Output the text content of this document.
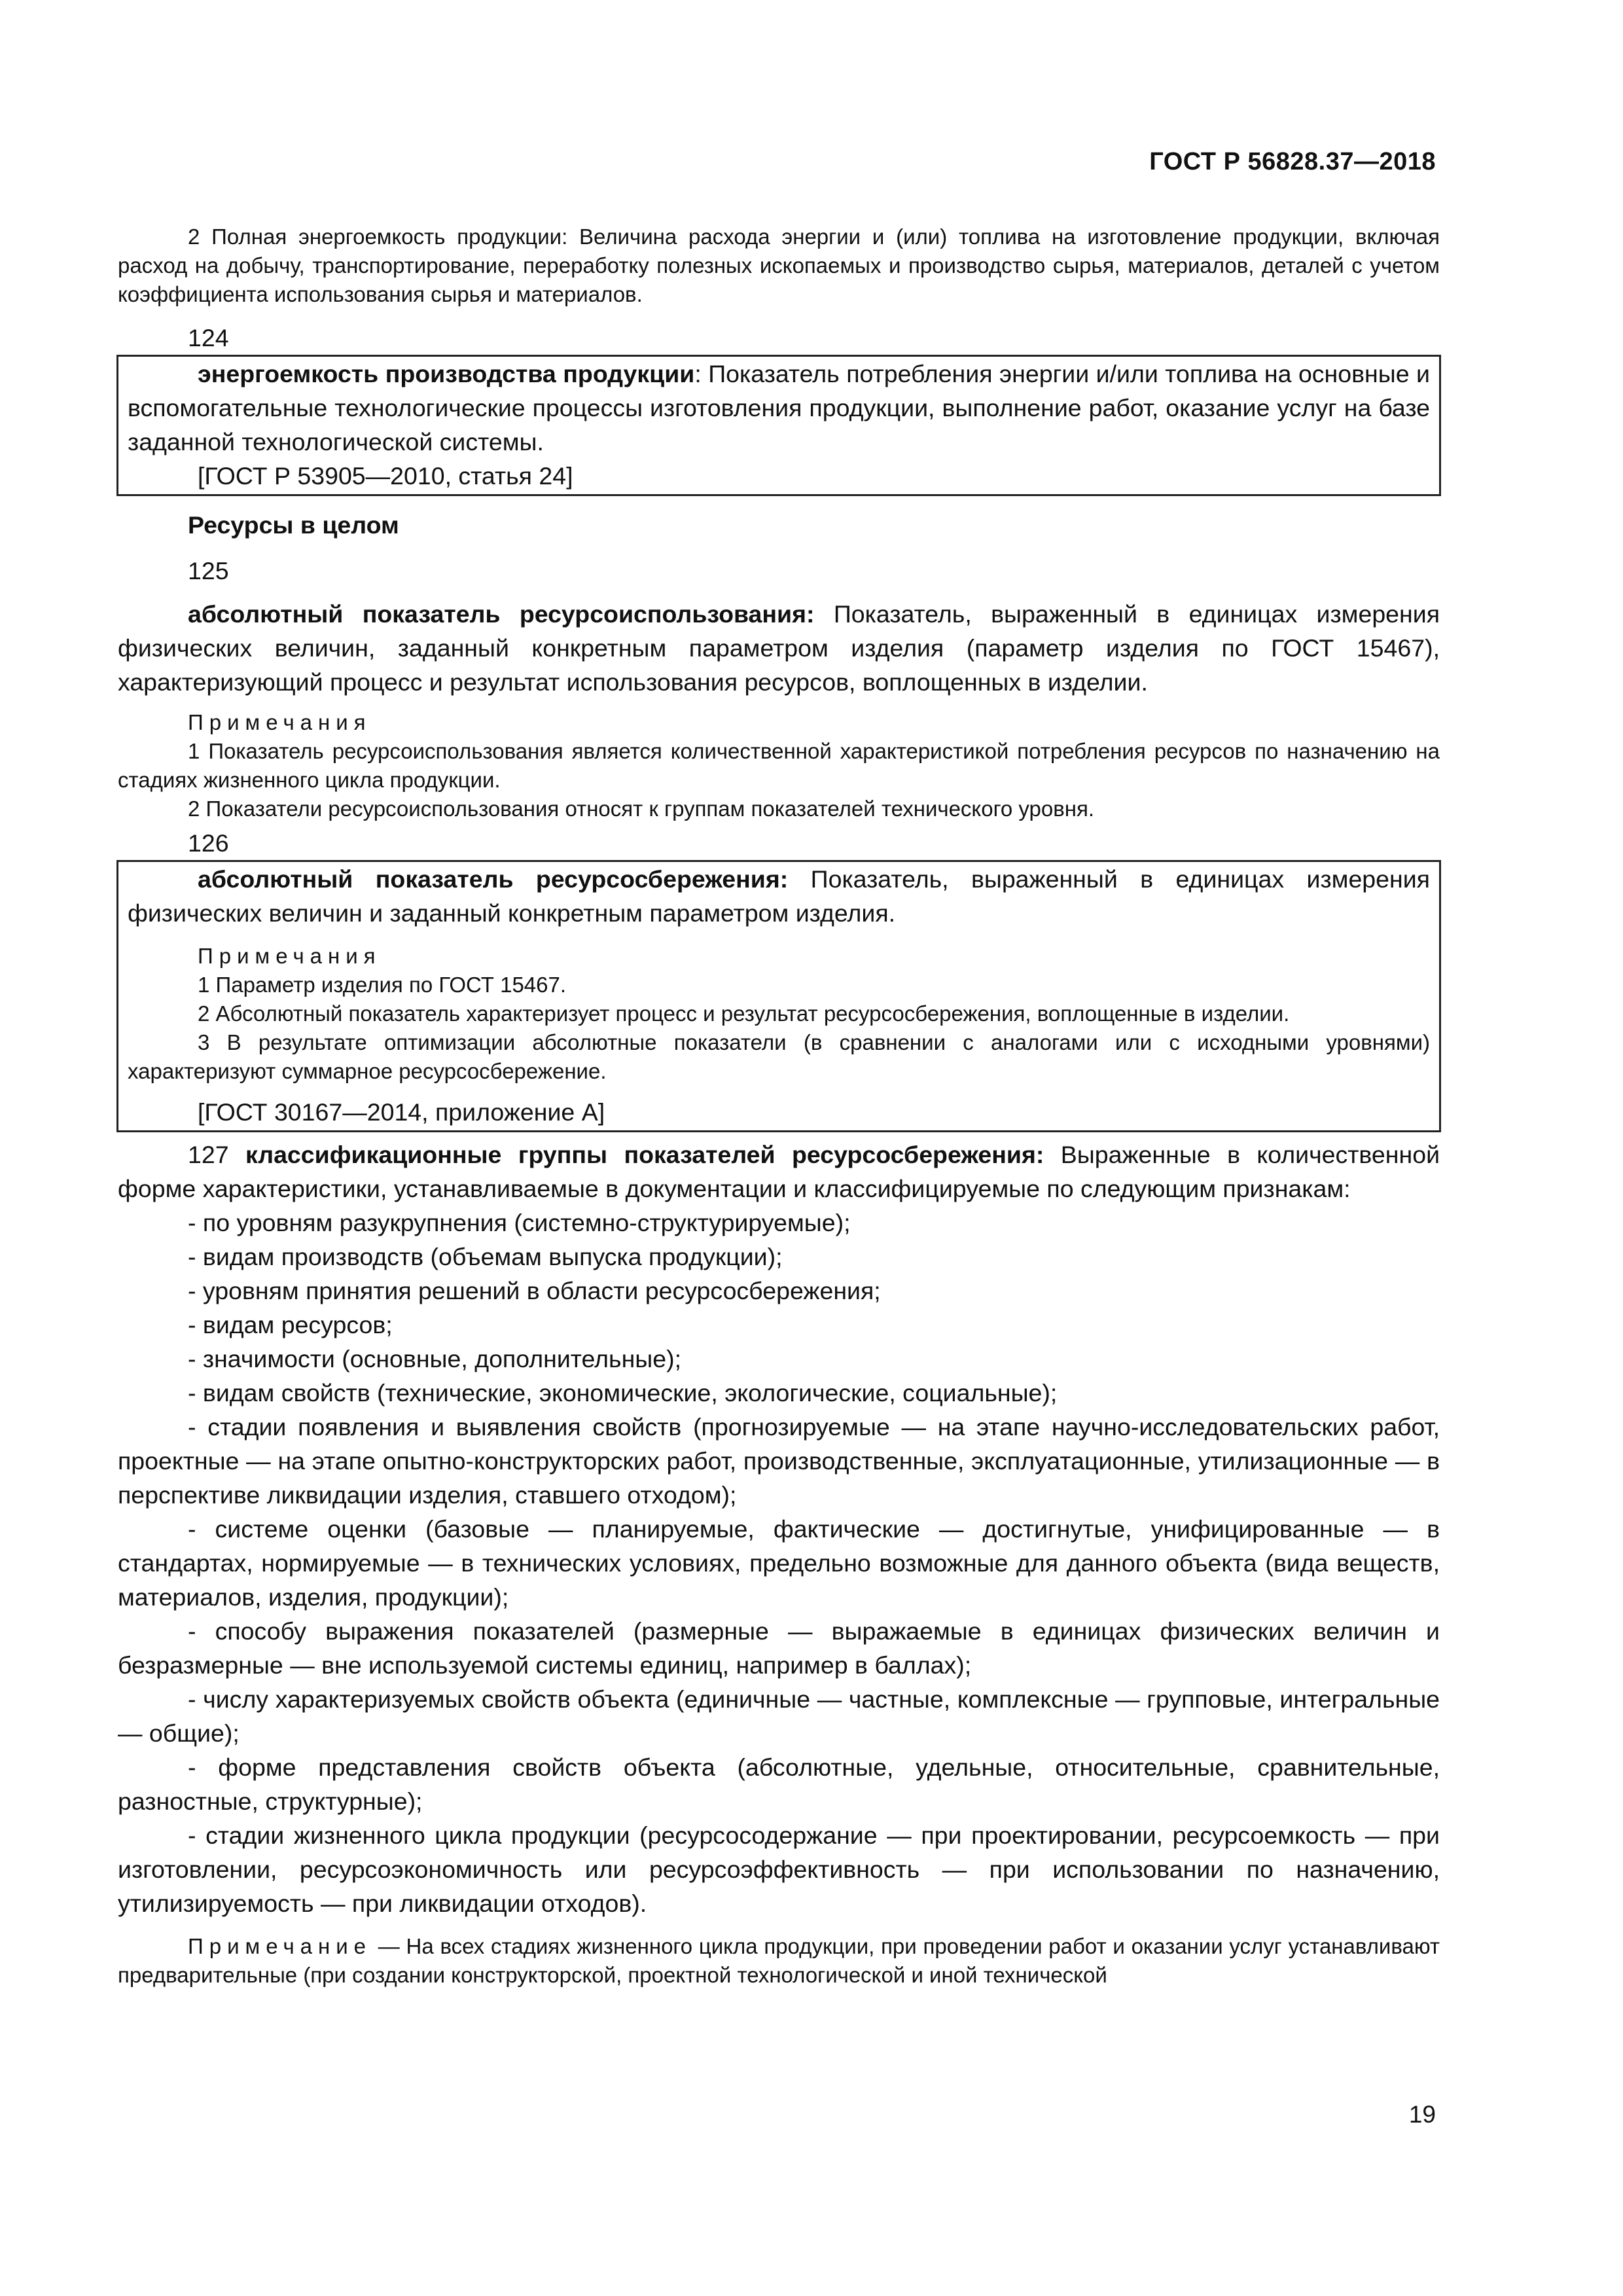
ГОСТ Р 56828.37—2018

2 Полная энергоемкость продукции: Величина расхода энергии и (или) топлива на изготовление продукции, включая расход на добычу, транспортирование, переработку полезных ископаемых и производство сырья, материалов, деталей с учетом коэффициента использования сырья и материалов.

124

энергоемкость производства продукции: Показатель потребления энергии и/или топлива на основные и вспомогательные технологические процессы изготовления продукции, выполнение работ, оказание услуг на базе заданной технологической системы.

[ГОСТ Р 53905—2010, статья 24]

Ресурсы в целом

125

абсолютный показатель ресурсоиспользования: Показатель, выраженный в единицах измерения физических величин, заданный конкретным параметром изделия (параметр изделия по ГОСТ 15467), характеризующий процесс и результат использования ресурсов, воплощенных в изделии.

Примечания

1 Показатель ресурсоиспользования является количественной характеристикой потребления ресурсов по назначению на стадиях жизненного цикла продукции.

2 Показатели ресурсоиспользования относят к группам показателей технического уровня.

126

абсолютный показатель ресурсосбережения: Показатель, выраженный в единицах измерения физических величин и заданный конкретным параметром изделия.

Примечания

1 Параметр изделия по ГОСТ 15467.

2 Абсолютный показатель характеризует процесс и результат ресурсосбережения, воплощенные в изделии.

3 В результате оптимизации абсолютные показатели (в сравнении с аналогами или с исходными уровнями) характеризуют суммарное ресурсосбережение.

[ГОСТ 30167—2014, приложение А]

127 классификационные группы показателей ресурсосбережения: Выраженные в количественной форме характеристики, устанавливаемые в документации и классифицируемые по следующим признакам:

- по уровням разукрупнения (системно-структурируемые);

- видам производств (объемам выпуска продукции);

- уровням принятия решений в области ресурсосбережения;

- видам ресурсов;

- значимости (основные, дополнительные);

- видам свойств (технические, экономические, экологические, социальные);

- стадии появления и выявления свойств (прогнозируемые — на этапе научно-исследовательских работ, проектные — на этапе опытно-конструкторских работ, производственные, эксплуатационные, утилизационные — в перспективе ликвидации изделия, ставшего отходом);

- системе оценки (базовые — планируемые, фактические — достигнутые, унифицированные — в стандартах, нормируемые — в технических условиях, предельно возможные для данного объекта (вида веществ, материалов, изделия, продукции);

- способу выражения показателей (размерные — выражаемые в единицах физических величин и безразмерные — вне используемой системы единиц, например в баллах);

- числу характеризуемых свойств объекта (единичные — частные, комплексные — групповые, интегральные — общие);

- форме представления свойств объекта (абсолютные, удельные, относительные, сравнительные, разностные, структурные);

- стадии жизненного цикла продукции (ресурсосодержание — при проектировании, ресурсоемкость — при изготовлении, ресурсоэкономичность или ресурсоэффективность — при использовании по назначению, утилизируемость — при ликвидации отходов).

Примечание — На всех стадиях жизненного цикла продукции, при проведении работ и оказании услуг устанавливают предварительные (при создании конструкторской, проектной технологической и иной технической

19
